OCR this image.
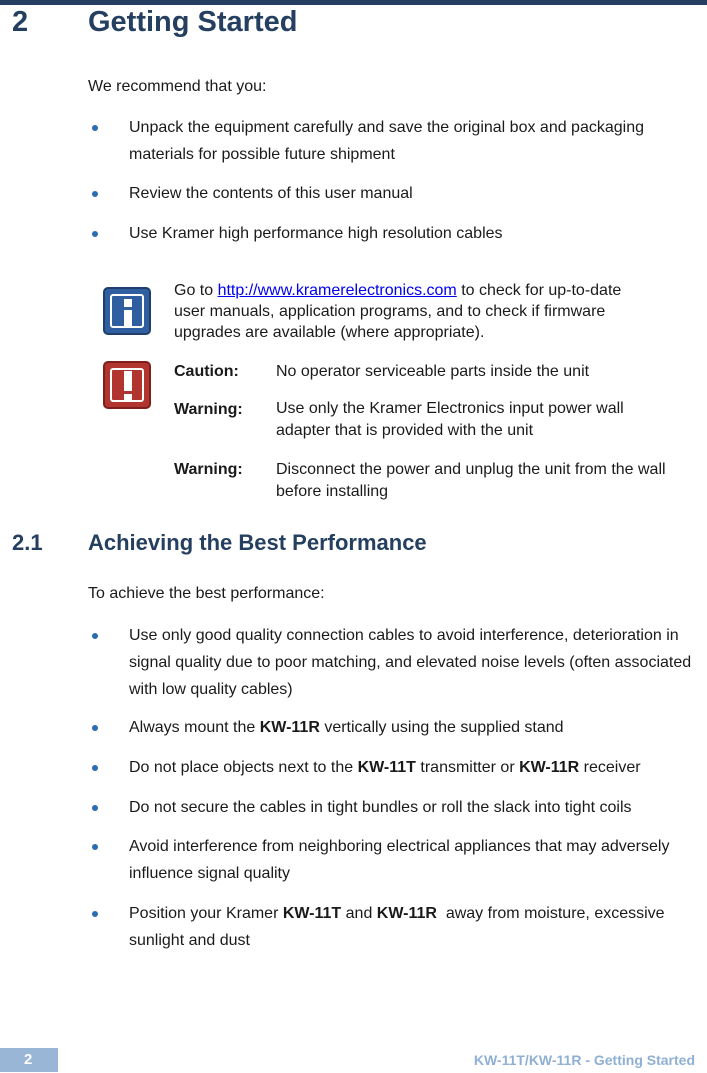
2 Getting Started
We recommend that you:
Unpack the equipment carefully and save the original box and packaging materials for possible future shipment
Review the contents of this user manual
Use Kramer high performance high resolution cables
Go to http://www.kramerelectronics.com to check for up-to-date user manuals, application programs, and to check if firmware upgrades are available (where appropriate).
Caution: No operator serviceable parts inside the unit
Warning: Use only the Kramer Electronics input power wall adapter that is provided with the unit
Warning: Disconnect the power and unplug the unit from the wall before installing
2.1 Achieving the Best Performance
To achieve the best performance:
Use only good quality connection cables to avoid interference, deterioration in signal quality due to poor matching, and elevated noise levels (often associated with low quality cables)
Always mount the KW-11R vertically using the supplied stand
Do not place objects next to the KW-11T transmitter or KW-11R receiver
Do not secure the cables in tight bundles or roll the slack into tight coils
Avoid interference from neighboring electrical appliances that may adversely influence signal quality
Position your Kramer KW-11T and KW-11R  away from moisture, excessive sunlight and dust
2	KW-11T/KW-11R - Getting Started
